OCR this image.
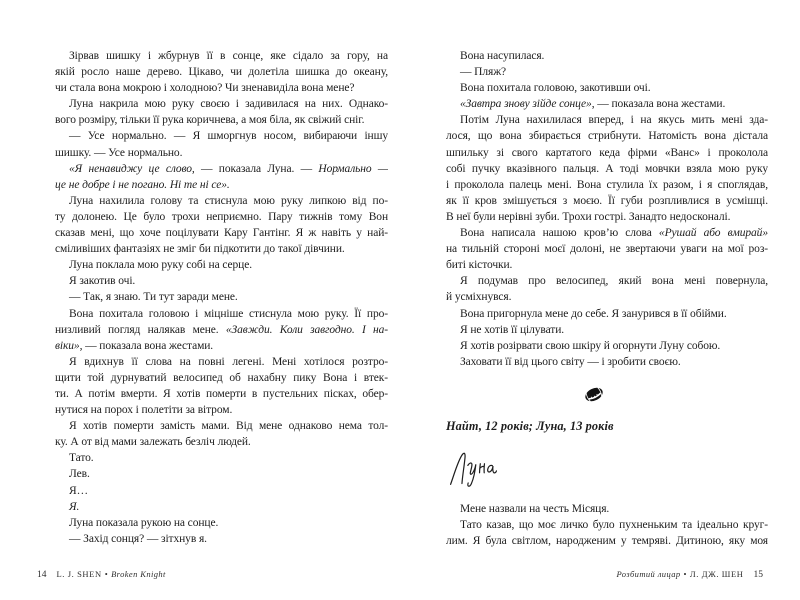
Зірвав шишку і жбурнув її в сонце, яке сідало за гору, на
якій росло наше дерево. Цікаво, чи долетіла шишка до океану,
чи стала вона мокрою і холодною? Чи зненавиділа вона мене?
Луна накрила мою руку своєю і задивилася на них. Однако-
вого розміру, тільки її рука коричнева, а моя біла, як свіжий сніг.
— Усе нормально. — Я шморгнув носом, вибираючи іншу
шишку. — Усе нормально.
«Я ненавиджу це слово, — показала Луна. — Нормально —
це не добре і не погано. Ні те ні се».
Луна нахилила голову та стиснула мою руку липкою від по-
ту долонею. Це було трохи неприємно. Пару тижнів тому Вон
сказав мені, що хоче поцілувати Кару Гантінг. Я ж навіть у най-
сміливіших фантазіях не зміг би підкотити до такої дівчини.
Луна поклала мою руку собі на серце.
Я закотив очі.
— Так, я знаю. Ти тут заради мене.
Вона похитала головою і міцніше стиснула мою руку. Її про-
низливий погляд налякав мене. «Завжди. Коли завгодно. І на-
віки», — показала вона жестами.
Я вдихнув її слова на повні легені. Мені хотілося розтро-
щити той дурнуватий велосипед об нахабну пику Вона і втек-
ти. А потім вмерти. Я хотів померти в пустельних пісках, обер-
нутися на порох і полетіти за вітром.
Я хотів померти замість мами. Від мене однаково нема тол-
ку. А от від мами залежать безліч людей.
Тато.
Лев.
Я…
Я.
Луна показала рукою на сонце.
— Захід сонця? — зітхнув я.
Вона насупилася.
— Пляж?
Вона похитала головою, закотивши очі.
«Завтра знову зійде сонце», — показала вона жестами.
Потім Луна нахилилася вперед, і на якусь мить мені зда-
лося, що вона збирається стрибнути. Натомість вона дістала
шпильку зі свого картатого кеда фірми «Ванс» і проколола
собі пучку вказівного пальця. А тоді мовчки взяла мою руку
і проколола палець мені. Вона стулила їх разом, і я споглядав,
як її кров змішується з моєю. Її губи розпливлися в усмішці.
В неї були нерівні зуби. Трохи гострі. Занадто недосконалі.
Вона написала нашою кров’ю слова «Рушай або вмирай»
на тильній стороні моєї долоні, не звертаючи уваги на мої роз-
биті кісточки.
Я подумав про велосипед, який вона мені повернула,
й усміхнувся.
Вона пригорнула мене до себе. Я занурився в її обійми.
Я не хотів її цілувати.
Я хотів розірвати свою шкіру й огорнути Луну собою.
Заховати її від цього світу — і зробити своєю.
Найт, 12 років; Луна, 13 років
Мене назвали на честь Місяця.
Тато казав, що моє личко було пухненьким та ідеально круг-
лим. Я була світлом, народженим у темряві. Дитиною, яку моя
14 L. J. SHEN • Broken Knight	Розбитий лицар • Л. ДЖ. ШЕН 15
